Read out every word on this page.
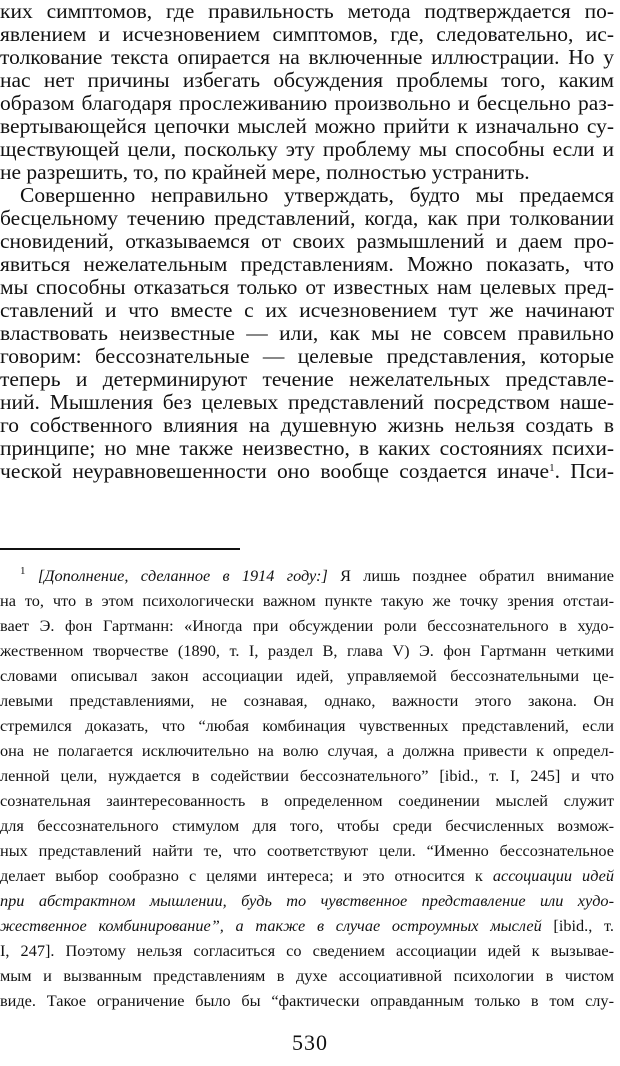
ких симптомов, где правильность метода подтверждается по-
явлением и исчезновением симптомов, где, следовательно, ис-
толкование текста опирается на включенные иллюстрации. Но у
нас нет причины избегать обсуждения проблемы того, каким
образом благодаря прослеживанию произвольно и бесцельно раз-
вертывающейся цепочки мыслей можно прийти к изначально су-
ществующей цели, поскольку эту проблему мы способны если и
не разрешить, то, по крайней мере, полностью устранить.
Совершенно неправильно утверждать, будто мы предаемся
бесцельному течению представлений, когда, как при толковании
сновидений, отказываемся от своих размышлений и даем про-
явиться нежелательным представлениям. Можно показать, что
мы способны отказаться только от известных нам целевых пред-
ставлений и что вместе с их исчезновением тут же начинают
властвовать неизвестные — или, как мы не совсем правильно
говорим: бессознательные — целевые представления, которые
теперь и детерминируют течение нежелательных представле-
ний. Мышления без целевых представлений посредством наше-
го собственного влияния на душевную жизнь нельзя создать в
принципе; но мне также неизвестно, в каких состояниях психи-
ческой неуравновешенности оно вообще создается иначе$^1$. Пси-
$^1$ [Дополнение, сделанное в 1914 году:] Я лишь позднее обратил внимание
на то, что в этом психологически важном пункте такую же точку зрения отстаи-
вает Э. фон Гартманн: «Иногда при обсуждении роли бессознательного в худо-
жественном творчестве (1890, т. I, раздел B, глава V) Э. фон Гартманн четкими
словами описывал закон ассоциации идей, управляемой бессознательными це-
левыми представлениями, не сознавая, однако, важности этого закона. Он
стремился доказать, что “любая комбинация чувственных представлений, если
она не полагается исключительно на волю случая, а должна привести к определ-
ленной цели, нуждается в содействии бессознательного” [ibid., т. I, 245] и что
сознательная заинтересованность в определенном соединении мыслей служит
для бессознательного стимулом для того, чтобы среди бесчисленных возмож-
ных представлений найти те, что соответствуют цели. “Именно бессознательное
делает выбор сообразно с целями интереса; и это относится к ассоциации идей
при абстрактном мышлении, будь то чувственное представление или худо-
жественное комбинирование”, а также в случае остроумных мыслей [ibid., т.
I, 247]. Поэтому нельзя согласиться со сведением ассоциации идей к вызывае-
мым и вызванным представлениям в духе ассоциативной психологии в чистом
виде. Такое ограничение было бы “фактически оправданным только в том слу-
530
